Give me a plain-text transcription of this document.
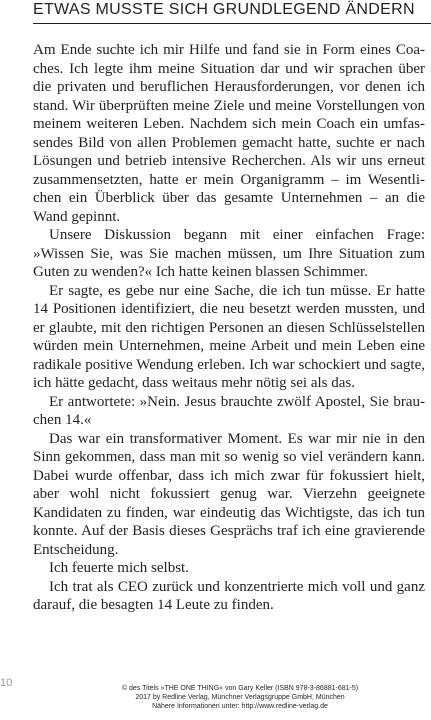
ETWAS MUSSTE SICH GRUNDLEGEND ÄNDERN

Am Ende suchte ich mir Hilfe und fand sie in Form eines Coaches. Ich legte ihm meine Situation dar und wir sprachen über die privaten und beruflichen Herausforderungen, vor denen ich stand. Wir überprüften meine Ziele und meine Vorstellungen von meinem weiteren Leben. Nachdem sich mein Coach ein umfassendes Bild von allen Problemen gemacht hatte, suchte er nach Lösungen und betrieb intensive Recherchen. Als wir uns erneut zusammensetzten, hatte er mein Organigramm – im Wesentlichen ein Überblick über das gesamte Unternehmen – an die Wand gepinnt.

Unsere Diskussion begann mit einer einfachen Frage: »Wissen Sie, was Sie machen müssen, um Ihre Situation zum Guten zu wenden?« Ich hatte keinen blassen Schimmer.

Er sagte, es gebe nur eine Sache, die ich tun müsse. Er hatte 14 Positionen identifiziert, die neu besetzt werden mussten, und er glaubte, mit den richtigen Personen an diesen Schlüsselstellen würden mein Unternehmen, meine Arbeit und mein Leben eine radikale positive Wendung erleben. Ich war schockiert und sagte, ich hätte gedacht, dass weitaus mehr nötig sei als das.

Er antwortete: »Nein. Jesus brauchte zwölf Apostel, Sie brauchen 14.«

Das war ein transformativer Moment. Es war mir nie in den Sinn gekommen, dass man mit so wenig so viel verändern kann. Dabei wurde offenbar, dass ich mich zwar für fokussiert hielt, aber wohl nicht fokussiert genug war. Vierzehn geeignete Kandidaten zu finden, war eindeutig das Wichtigste, das ich tun konnte. Auf der Basis dieses Gesprächs traf ich eine gravierende Entscheidung.

Ich feuerte mich selbst.

Ich trat als CEO zurück und konzentrierte mich voll und ganz darauf, die besagten 14 Leute zu finden.

10	© des Titels »THE ONE THING« von Gary Keller (ISBN 978-3-86881-681-5)
2017 by Redline Verlag, Münchner Verlagsgruppe GmbH, München
Nähere Informationen unter: http://www.redline-verlag.de
